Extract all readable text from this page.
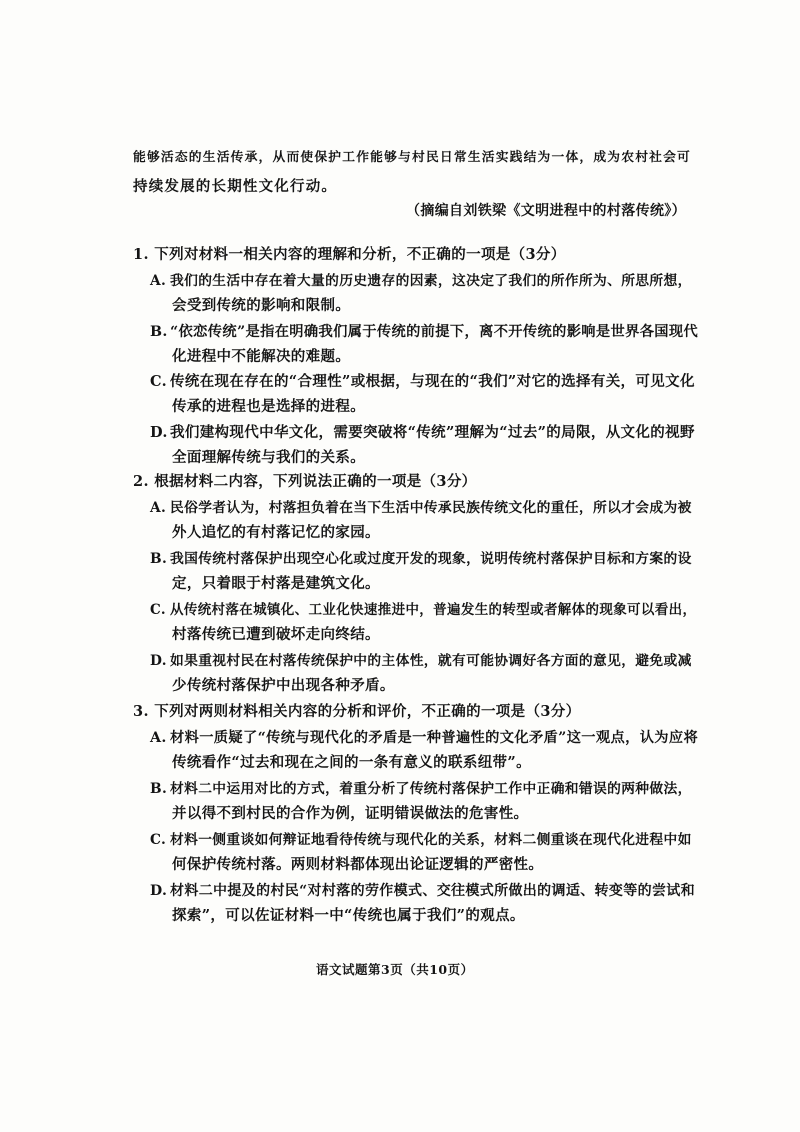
能够活态的生活传承，从而使保护工作能够与村民日常生活实践结为一体，成为农村社会可

持续发展的长期性文化行动。

（摘编自刘铁梁《文明进程中的村落传统》）

1. 下列对材料一相关内容的理解和分析，不正确的一项是（3分）

A. 我们的生活中存在着大量的历史遗存的因素，这决定了我们的所作所为、所思所想，

会受到传统的影响和限制。

B. “依恋传统”是指在明确我们属于传统的前提下，离不开传统的影响是世界各国现代

化进程中不能解决的难题。

C. 传统在现在存在的“合理性”或根据，与现在的“我们”对它的选择有关，可见文化

传承的进程也是选择的进程。

D. 我们建构现代中华文化，需要突破将“传统”理解为“过去”的局限，从文化的视野

全面理解传统与我们的关系。

2. 根据材料二内容，下列说法正确的一项是（3分）

A. 民俗学者认为，村落担负着在当下生活中传承民族传统文化的重任，所以才会成为被

外人追忆的有村落记忆的家园。

B. 我国传统村落保护出现空心化或过度开发的现象，说明传统村落保护目标和方案的设

定，只着眼于村落是建筑文化。

C. 从传统村落在城镇化、工业化快速推进中，普遍发生的转型或者解体的现象可以看出，

村落传统已遭到破坏走向终结。

D. 如果重视村民在村落传统保护中的主体性，就有可能协调好各方面的意见，避免或减

少传统村落保护中出现各种矛盾。

3. 下列对两则材料相关内容的分析和评价，不正确的一项是（3分）

A. 材料一质疑了“传统与现代化的矛盾是一种普遍性的文化矛盾”这一观点，认为应将

传统看作“过去和现在之间的一条有意义的联系纽带”。

B. 材料二中运用对比的方式，着重分析了传统村落保护工作中正确和错误的两种做法，

并以得不到村民的合作为例，证明错误做法的危害性。

C. 材料一侧重谈如何辩证地看待传统与现代化的关系，材料二侧重谈在现代化进程中如

何保护传统村落。两则材料都体现出论证逻辑的严密性。

D. 材料二中提及的村民“对村落的劳作模式、交往模式所做出的调适、转变等的尝试和

探索”，可以佐证材料一中“传统也属于我们”的观点。

语文试题第3页（共10页）
